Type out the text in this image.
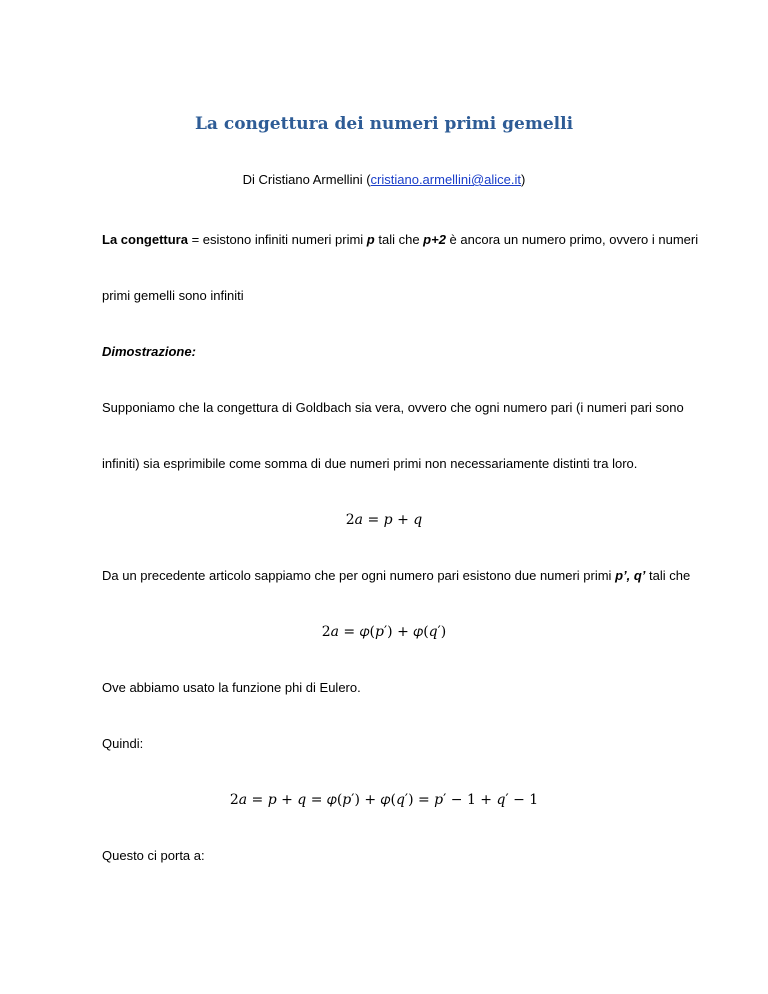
La congettura dei numeri primi gemelli
Di Cristiano Armellini (cristiano.armellini@alice.it)
La congettura = esistono infiniti numeri primi p tali che p+2 è ancora un numero primo, ovvero i numeri
primi gemelli sono infiniti
Dimostrazione:
Supponiamo che la congettura di Goldbach sia vera, ovvero che ogni numero pari (i numeri pari sono
infiniti) sia esprimibile come somma di due numeri primi non necessariamente distinti tra loro.
2𝑎 = 𝑝 + 𝑞
Da un precedente articolo sappiamo che per ogni numero pari esistono due numeri primi p’, q’ tali che
2𝑎 = 𝜑(𝑝′) + 𝜑(𝑞′)
Ove abbiamo usato la funzione phi di Eulero.
Quindi:
2𝑎 = 𝑝 + 𝑞 = 𝜑(𝑝′) + 𝜑(𝑞′) = 𝑝′ − 1 + 𝑞′ − 1
Questo ci porta a:
